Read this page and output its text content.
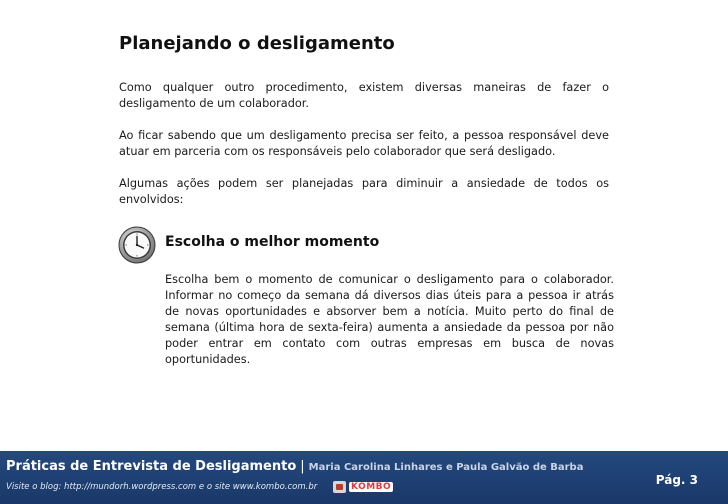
Planejando o desligamento

Como qualquer outro procedimento, existem diversas maneiras de fazer o desligamento de um colaborador.

Ao ficar sabendo que um desligamento precisa ser feito, a pessoa responsável deve atuar em parceria com os responsáveis pelo colaborador que será desligado.

Algumas ações podem ser planejadas para diminuir a ansiedade de todos os envolvidos:

Escolha o melhor momento

Escolha bem o momento de comunicar o desligamento para o colaborador. Informar no começo da semana dá diversos dias úteis para a pessoa ir atrás de novas oportunidades e absorver bem a notícia. Muito perto do final de semana (última hora de sexta-feira) aumenta a ansiedade da pessoa por não poder entrar em contato com outras empresas em busca de novas oportunidades.

Práticas de Entrevista de Desligamento | Maria Carolina Linhares e Paula Galvão de Barba
Visite o blog: http://mundorh.wordpress.com e o site www.kombo.com.br	KOMBO	Pág. 3
